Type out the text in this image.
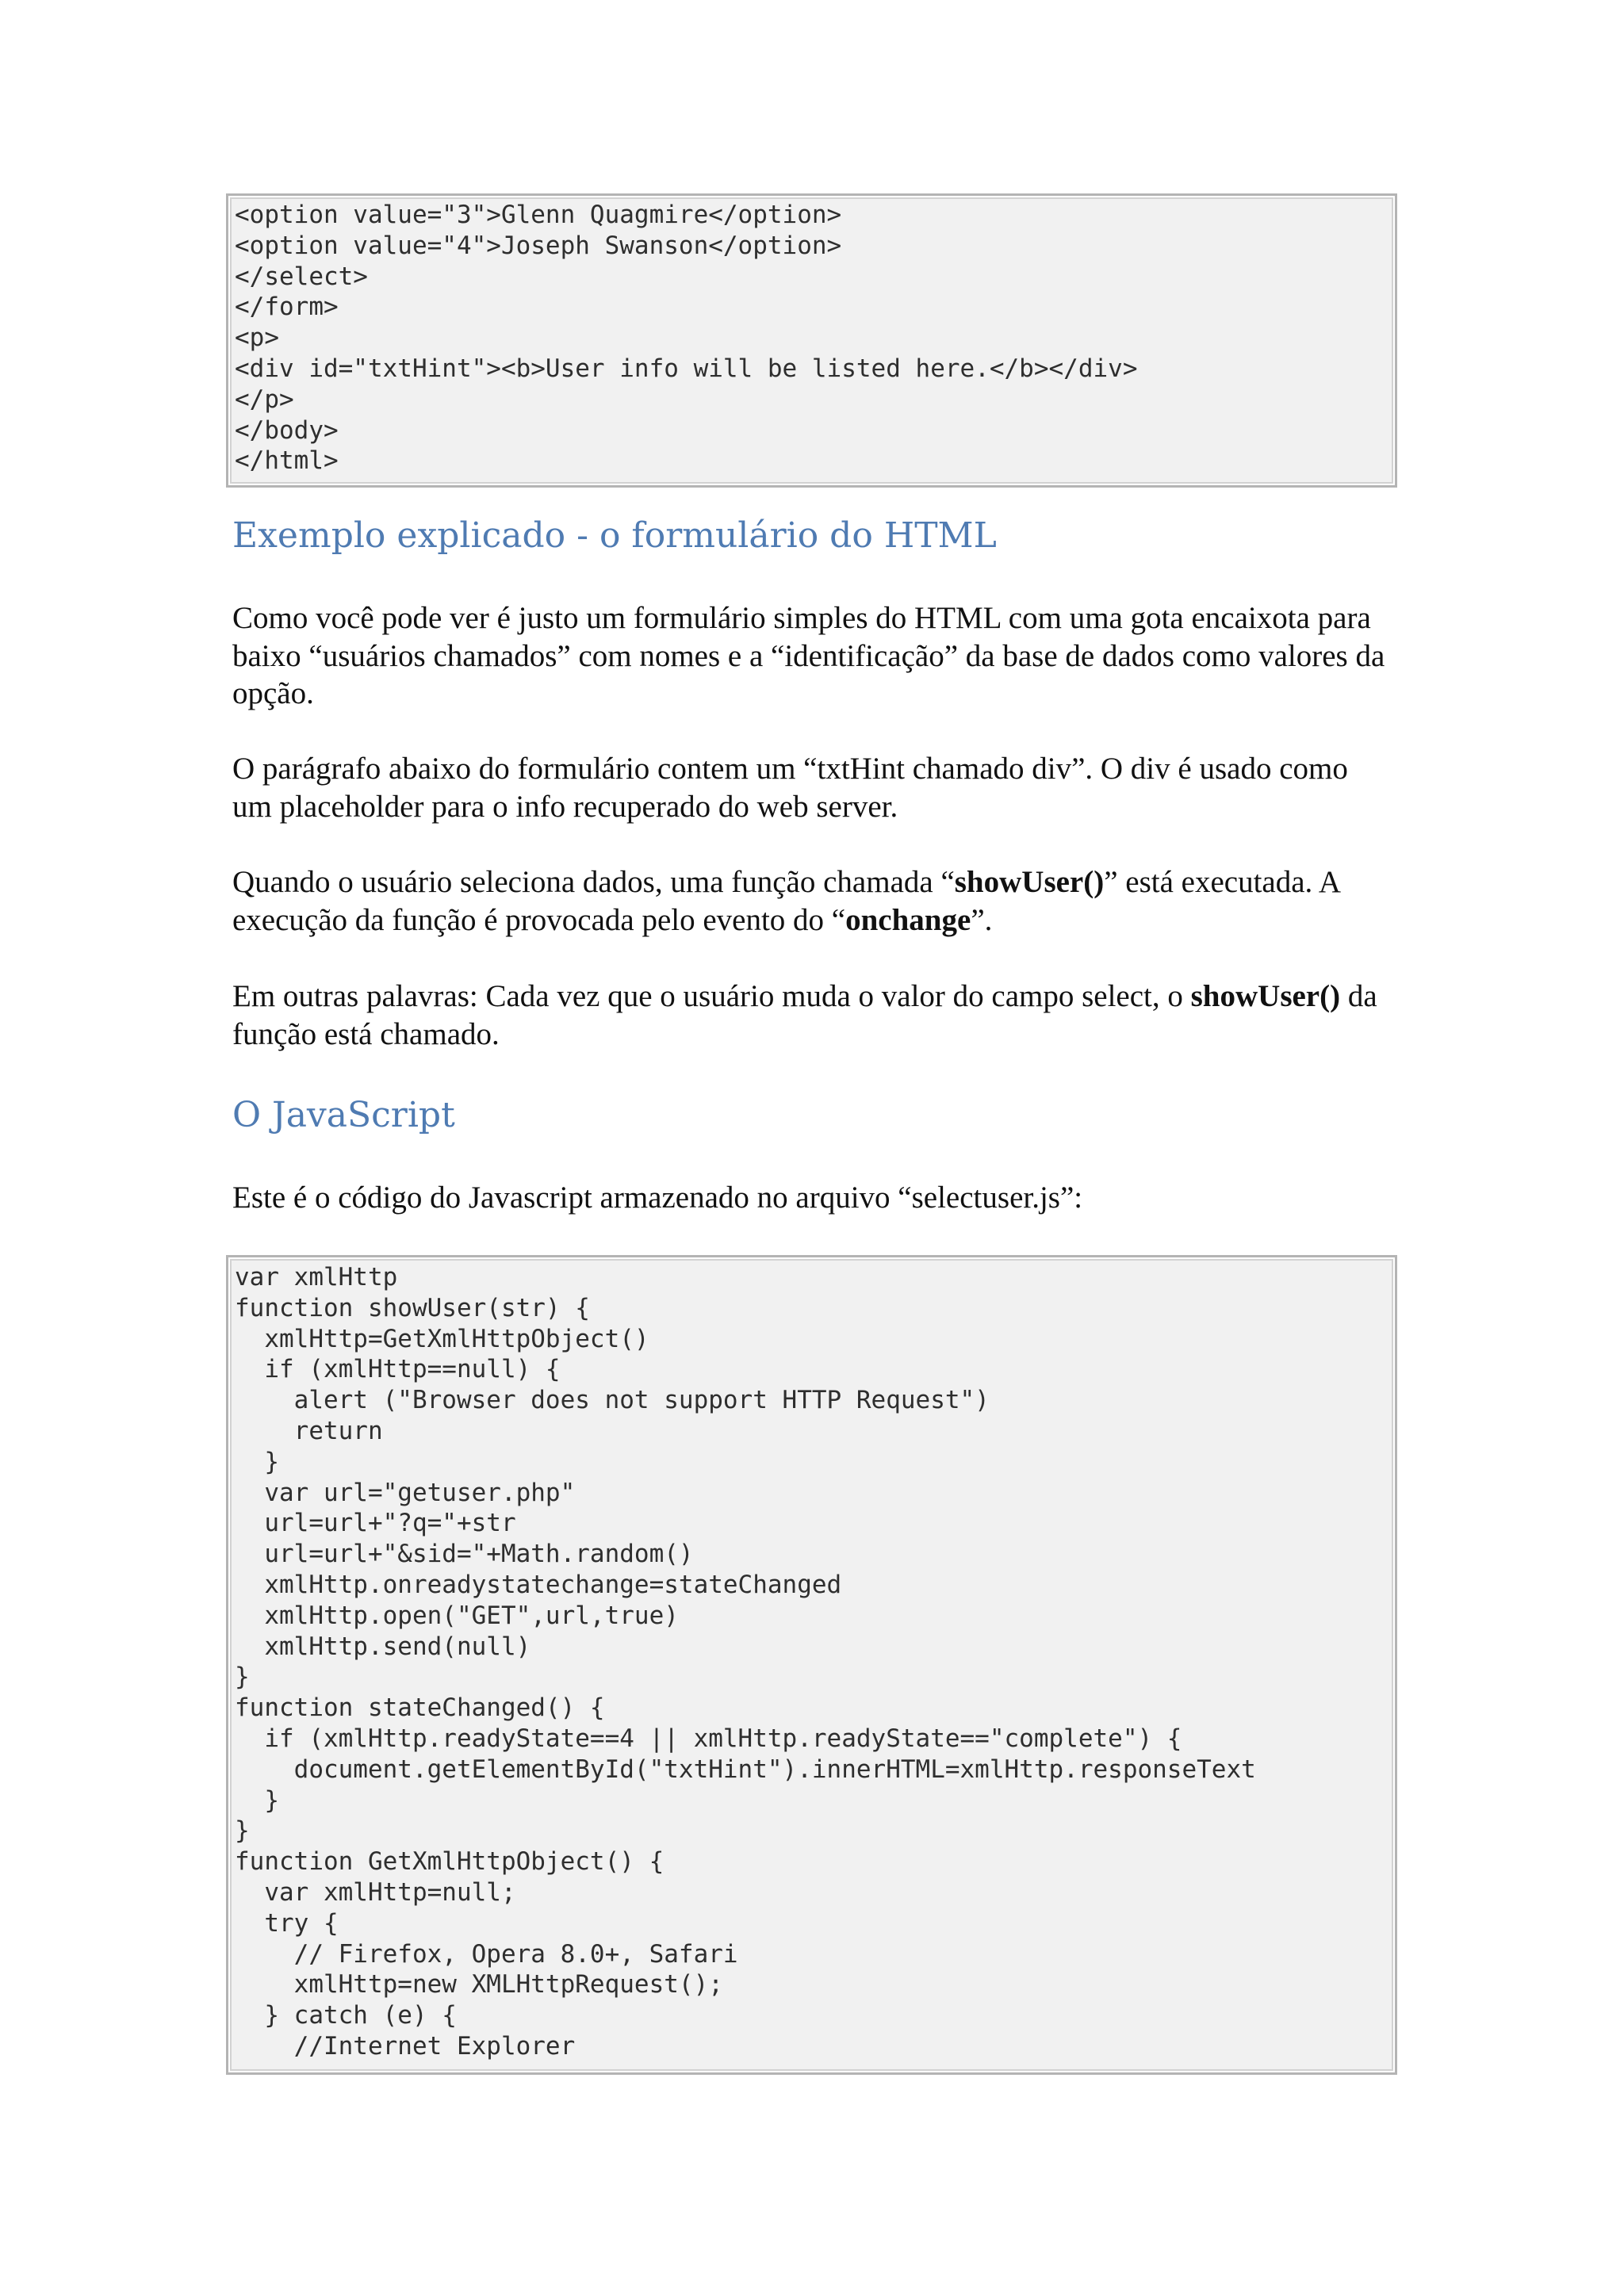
<option value="3">Glenn Quagmire</option>
<option value="4">Joseph Swanson</option>
</select>
</form>
<p>
<div id="txtHint"><b>User info will be listed here.</b></div>
</p>
</body>
</html>
Exemplo explicado - o formulário do HTML

Como você pode ver é justo um formulário simples do HTML com uma gota encaixota para baixo “usuários chamados” com nomes e a “identificação” da base de dados como valores da opção.

O parágrafo abaixo do formulário contem um “txtHint chamado div”. O div é usado como um placeholder para o info recuperado do web server.

Quando o usuário seleciona dados, uma função chamada “showUser()” está executada. A execução da função é provocada pelo evento do “onchange”.

Em outras palavras: Cada vez que o usuário muda o valor do campo select, o showUser() da função está chamado.

O JavaScript

Este é o código do Javascript armazenado no arquivo “selectuser.js”:

var xmlHttp
function showUser(str) {
xmlHttp=GetXmlHttpObject()
if (xmlHttp==null) {
alert ("Browser does not support HTTP Request")
return
}
var url="getuser.php"
url=url+"?q="+str
url=url+"&sid="+Math.random()
xmlHttp.onreadystatechange=stateChanged
xmlHttp.open("GET",url,true)
xmlHttp.send(null)
}
function stateChanged() {
if (xmlHttp.readyState==4 || xmlHttp.readyState=="complete") {
document.getElementById("txtHint").innerHTML=xmlHttp.responseText
}
}
function GetXmlHttpObject() {
var xmlHttp=null;
try {
// Firefox, Opera 8.0+, Safari
xmlHttp=new XMLHttpRequest();
} catch (e) {
//Internet Explorer
